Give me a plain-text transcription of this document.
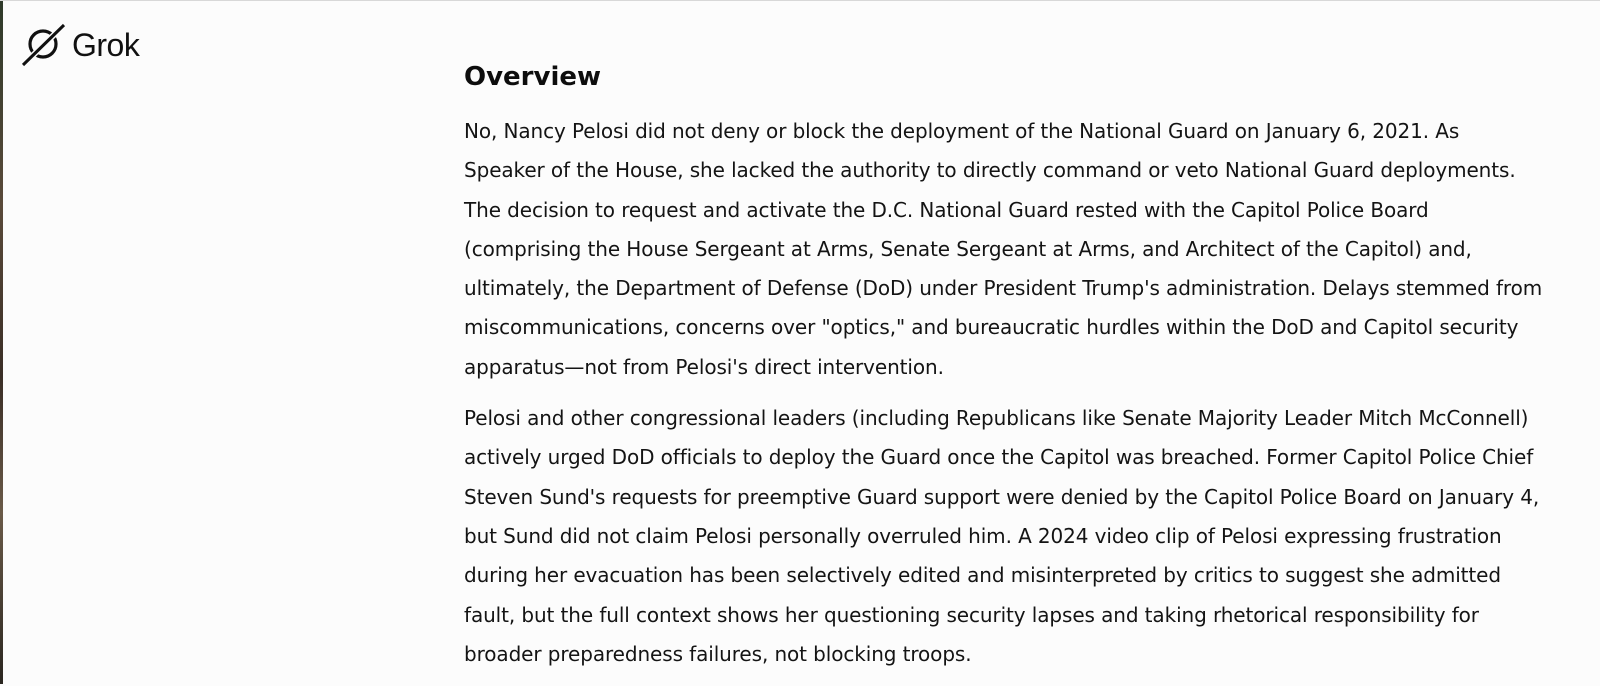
Grok
Overview

No, Nancy Pelosi did not deny or block the deployment of the National Guard on January 6, 2021. As Speaker of the House, she lacked the authority to directly command or veto National Guard deployments. The decision to request and activate the D.C. National Guard rested with the Capitol Police Board (comprising the House Sergeant at Arms, Senate Sergeant at Arms, and Architect of the Capitol) and, ultimately, the Department of Defense (DoD) under President Trump's administration. Delays stemmed from miscommunications, concerns over "optics," and bureaucratic hurdles within the DoD and Capitol security apparatus—not from Pelosi's direct intervention.

Pelosi and other congressional leaders (including Republicans like Senate Majority Leader Mitch McConnell) actively urged DoD officials to deploy the Guard once the Capitol was breached. Former Capitol Police Chief Steven Sund's requests for preemptive Guard support were denied by the Capitol Police Board on January 4, but Sund did not claim Pelosi personally overruled him. A 2024 video clip of Pelosi expressing frustration during her evacuation has been selectively edited and misinterpreted by critics to suggest she admitted fault, but the full context shows her questioning security lapses and taking rhetorical responsibility for broader preparedness failures, not blocking troops.
